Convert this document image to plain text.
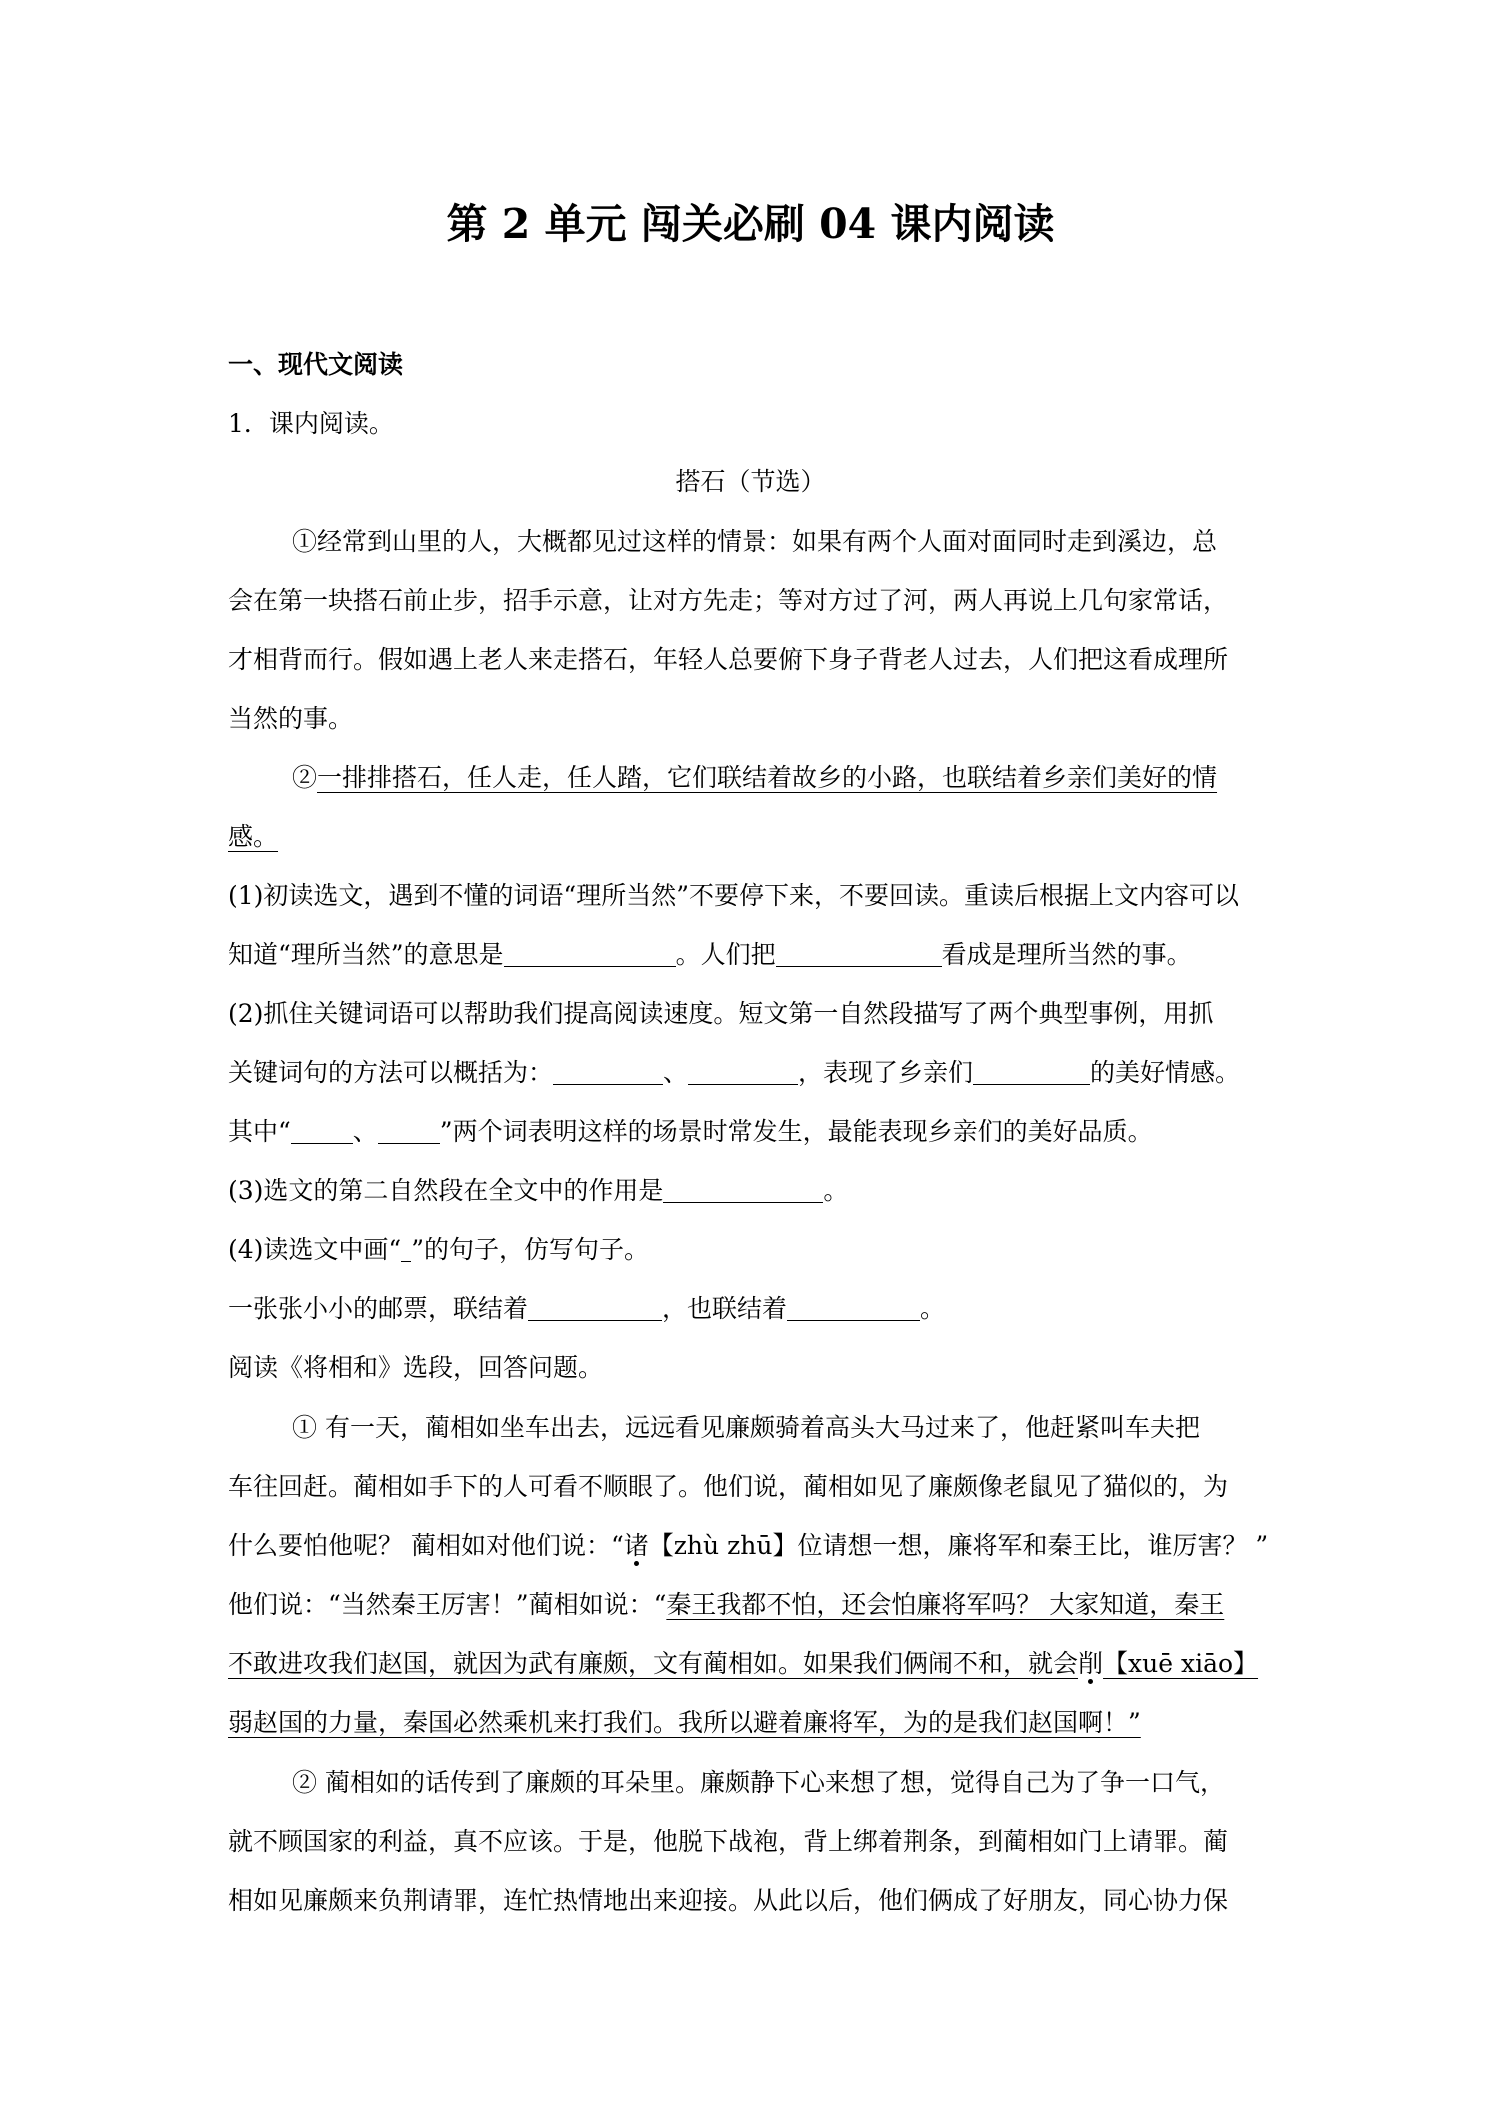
第 2 单元 闯关必刷 04 课内阅读
一、现代文阅读
1．课内阅读。
搭石（节选）
①经常到山里的人，大概都见过这样的情景：如果有两个人面对面同时走到溪边，总
会在第一块搭石前止步，招手示意，让对方先走；等对方过了河，两人再说上几句家常话，
才相背而行。假如遇上老人来走搭石，年轻人总要俯下身子背老人过去，人们把这看成理所
当然的事。
②一排排搭石，任人走，任人踏，它们联结着故乡的小路，也联结着乡亲们美好的情
感。
(1)初读选文，遇到不懂的词语“理所当然”不要停下来，不要回读。重读后根据上文内容可以
知道“理所当然”的意思是	。人们把	看成是理所当然的事。
(2)抓住关键词语可以帮助我们提高阅读速度。短文第一自然段描写了两个典型事例，用抓
关键词句的方法可以概括为：	、	，表现了乡亲们	的美好情感。
其中“ 、 ”两个词表明这样的场景时常发生，最能表现乡亲们的美好品质。
(3)选文的第二自然段在全文中的作用是	。
(4)读选文中画“ ”的句子，仿写句子。
一张张小小的邮票，联结着	，也联结着	。
阅读《将相和》选段，回答问题。
① 有一天，蔺相如坐车出去，远远看见廉颇骑着高头大马过来了，他赶紧叫车夫把
车往回赶。蔺相如手下的人可看不顺眼了。他们说，蔺相如见了廉颇像老鼠见了猫似的，为
什么要怕他呢？ 蔺相如对他们说：“诸【zhù zhū】位请想一想，廉将军和秦王比，谁厉害？ ”
他们说：“当然秦王厉害！”蔺相如说：“秦王我都不怕，还会怕廉将军吗？ 大家知道，秦王
不敢进攻我们赵国，就因为武有廉颇，文有蔺相如。如果我们俩闹不和，就会削【xuē xiāo】
弱赵国的力量，秦国必然乘机来打我们。我所以避着廉将军，为的是我们赵国啊！”
② 蔺相如的话传到了廉颇的耳朵里。廉颇静下心来想了想，觉得自己为了争一口气，
就不顾国家的利益，真不应该。于是，他脱下战袍，背上绑着荆条，到蔺相如门上请罪。蔺
相如见廉颇来负荆请罪，连忙热情地出来迎接。从此以后，他们俩成了好朋友，同心协力保
